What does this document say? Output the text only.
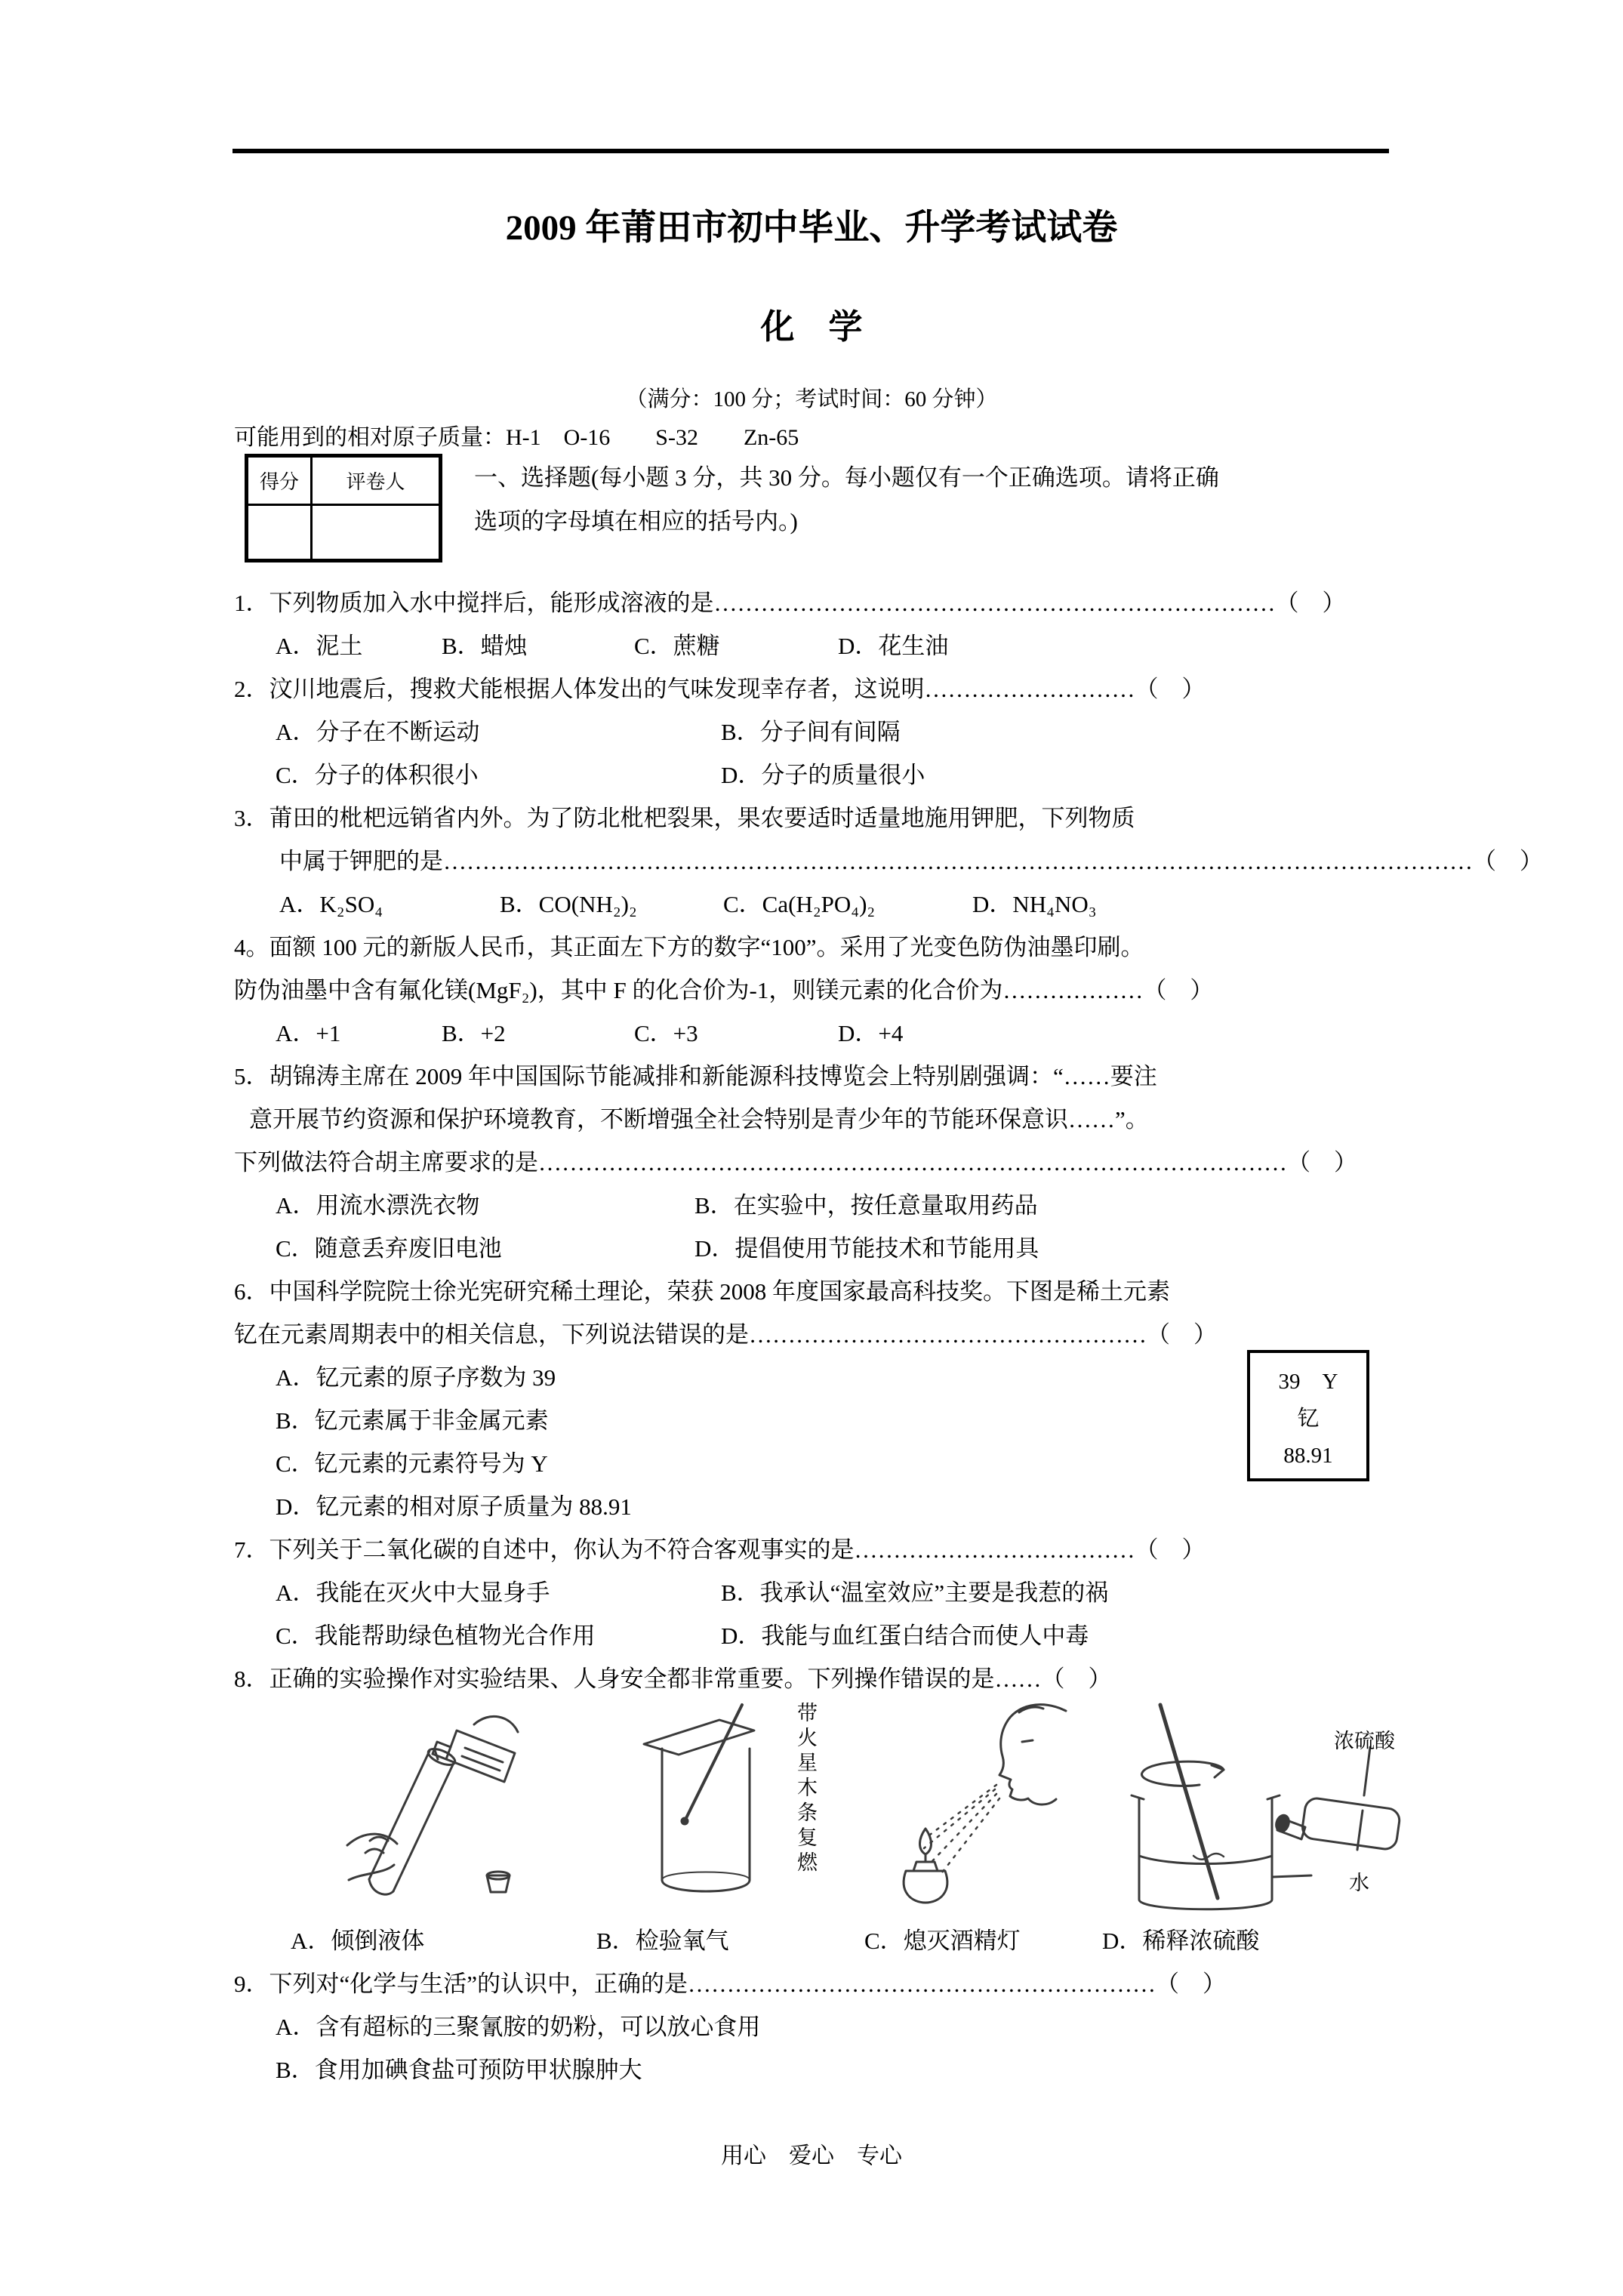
2009 年莆田市初中毕业、升学考试试卷
化　学
（满分：100 分；考试时间：60 分钟）
可能用到的相对原子质量：H-1　O-16　　S-32　　Zn-65
得分	评卷人	一、选择题(每小题 3 分，共 30 分。每小题仅有一个正确选项。请将正确
选项的字母填在相应的括号内。)
1．下列物质加入水中搅拌后，能形成溶液的是………………………………………………………………（　）
A．泥土	B．蜡烛	C．蔗糖	D．花生油
2．汶川地震后，搜救犬能根据人体发出的气味发现幸存者，这说明………………………（　）
A．分子在不断运动	B．分子间有间隔
C．分子的体积很小	D．分子的质量很小
3．莆田的枇杷远销省内外。为了防北枇杷裂果，果农要适时适量地施用钾肥，下列物质
中属于钾肥的是……………………………………………………………………………………………………………………（　）
A．K₂SO₄	B．CO(NH₂)₂	C．Ca(H₂PO₄)₂	D．NH₄NO₃
4。面额 100 元的新版人民币，其正面左下方的数字“100”。采用了光变色防伪油墨印刷。
防伪油墨中含有氟化镁(MgF₂)，其中 F 的化合价为-1，则镁元素的化合价为………………（　）
A．+1	B．+2	C．+3	D．+4
5．胡锦涛主席在 2009 年中国国际节能减排和新能源科技博览会上特别剧强调：“……要注
意开展节约资源和保护环境教育，不断增强全社会特别是青少年的节能环保意识……”。
下列做法符合胡主席要求的是……………………………………………………………………………………（　）
A．用流水漂洗衣物	B．在实验中，按任意量取用药品
C．随意丢弃废旧电池	D．提倡使用节能技术和节能用具
6．中国科学院院士徐光宪研究稀土理论，荣获 2008 年度国家最高科技奖。下图是稀土元素
钇在元素周期表中的相关信息，下列说法错误的是……………………………………………（　）
A．钇元素的原子序数为 39
B．钇元素属于非金属元素
C．钇元素的元素符号为 Y
D．钇元素的相对原子质量为 88.91
7．下列关于二氧化碳的自述中，你认为不符合客观事实的是………………………………（　）
A．我能在灭火中大显身手	B．我承认“温室效应”主要是我惹的祸
C．我能帮助绿色植物光合作用	D．我能与血红蛋白结合而使人中毒
8．正确的实验操作对实验结果、人身安全都非常重要。下列操作错误的是……（　）
带火星木条复燃	浓硫酸
水

A．倾倒液体

	B．检验氧气

	C．熄灭酒精灯

	D．稀释浓硫酸

9．下列对“化学与生活”的认识中，正确的是……………………………………………………（　）
A．含有超标的三聚氰胺的奶粉，可以放心食用
B．食用加碘食盐可预防甲状腺肿大
39　Y
钇
88.91
用心　爱心　专心
